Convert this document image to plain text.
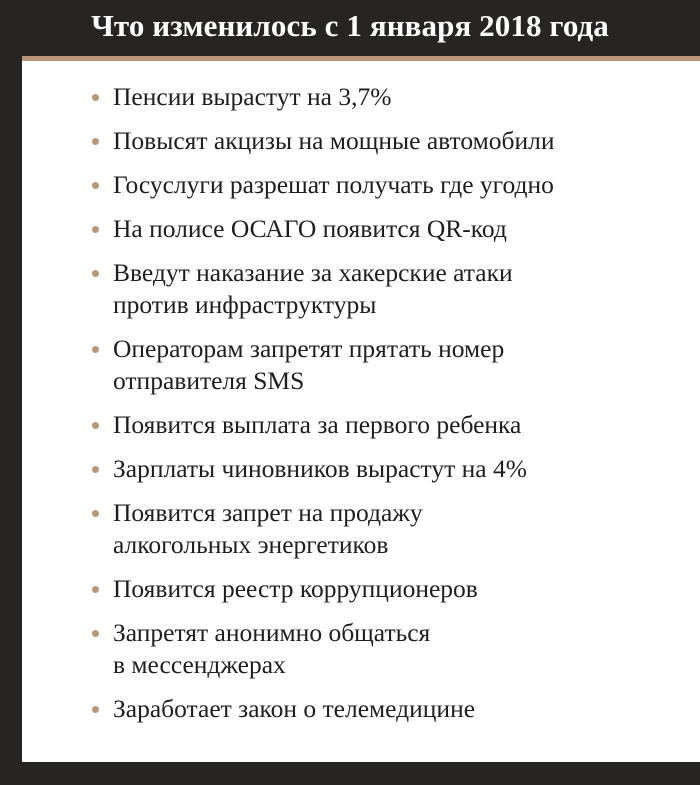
Что изменилось с 1 января 2018 года
Пенсии вырастут на 3,7%
Повысят акцизы на мощные автомобили
Госуслуги разрешат получать где угодно
На полисе ОСАГО появится QR-код
Введут наказание за хакерские атаки
против инфраструктуры
Операторам запретят прятать номер
отправителя SMS
Появится выплата за первого ребенка
Зарплаты чиновников вырастут на 4%
Появится запрет на продажу
алкогольных энергетиков
Появится реестр коррупционеров
Запретят анонимно общаться
в мессенджерах
Заработает закон о телемедицине
